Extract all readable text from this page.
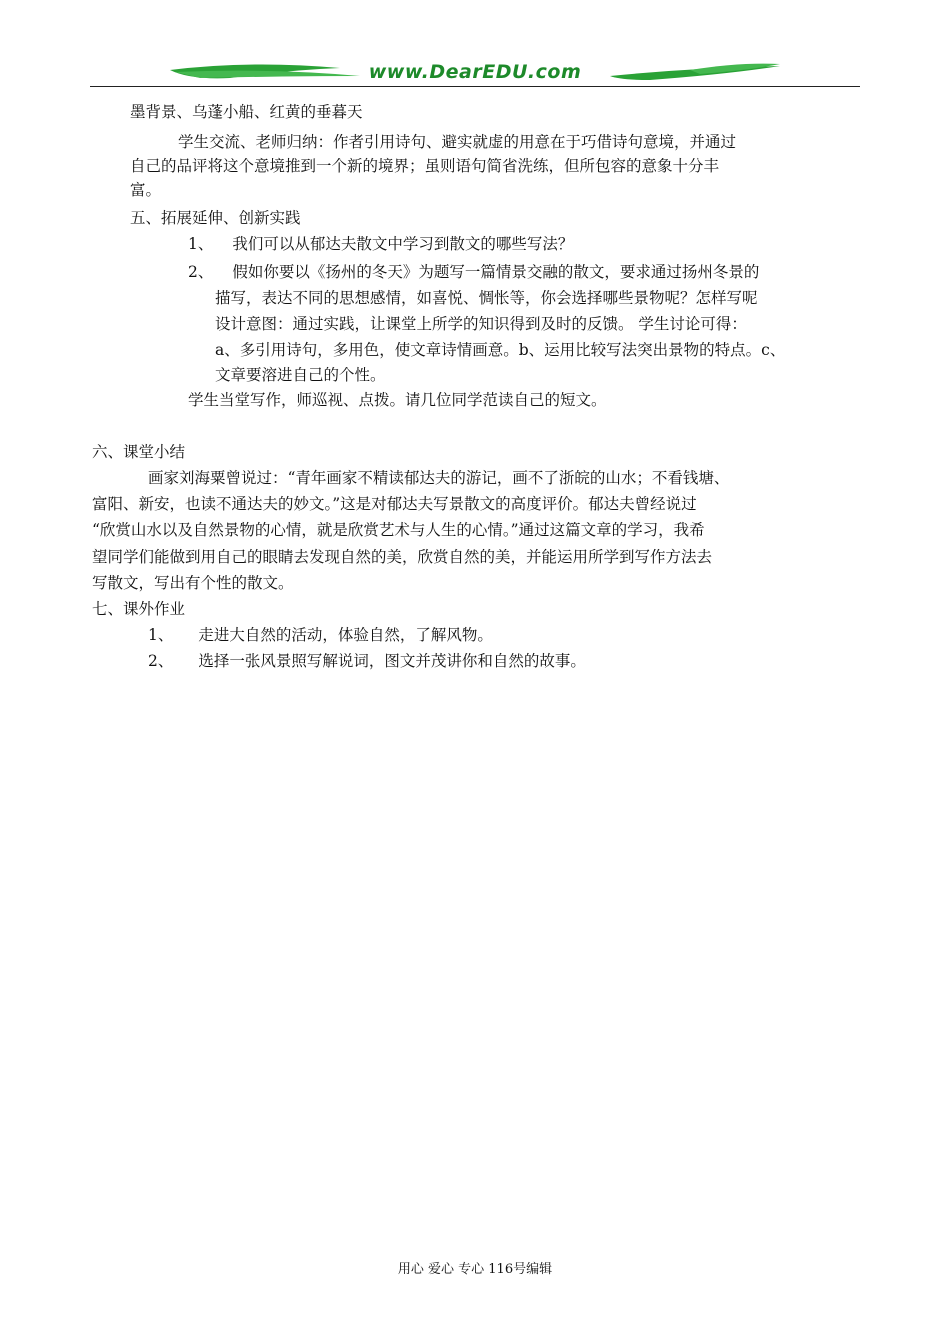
www.DearEDU.com
墨背景、乌蓬小船、红黄的垂暮天
学生交流、老师归纳：作者引用诗句、避实就虚的用意在于巧借诗句意境，并通过
自己的品评将这个意境推到一个新的境界；虽则语句简省洗练，但所包容的意象十分丰
富。
五、拓展延伸、创新实践
1、 我们可以从郁达夫散文中学习到散文的哪些写法？
2、 假如你要以《扬州的冬天》为题写一篇情景交融的散文，要求通过扬州冬景的
描写，表达不同的思想感情，如喜悦、惆怅等，你会选择哪些景物呢？怎样写呢
设计意图：通过实践，让课堂上所学的知识得到及时的反馈。 学生讨论可得：
a、多引用诗句，多用色，使文章诗情画意。b、运用比较写法突出景物的特点。c、
文章要溶进自己的个性。
学生当堂写作，师巡视、点拨。请几位同学范读自己的短文。
六、课堂小结
画家刘海粟曾说过：“青年画家不精读郁达夫的游记，画不了浙皖的山水；不看钱塘、
富阳、新安，也读不通达夫的妙文。”这是对郁达夫写景散文的高度评价。郁达夫曾经说过
“欣赏山水以及自然景物的心情，就是欣赏艺术与人生的心情。”通过这篇文章的学习，我希
望同学们能做到用自己的眼睛去发现自然的美，欣赏自然的美，并能运用所学到写作方法去
写散文，写出有个性的散文。
七、课外作业
1、 走进大自然的活动，体验自然，了解风物。
2、 选择一张风景照写解说词，图文并茂讲你和自然的故事。
用心 爱心 专心 116号编辑
